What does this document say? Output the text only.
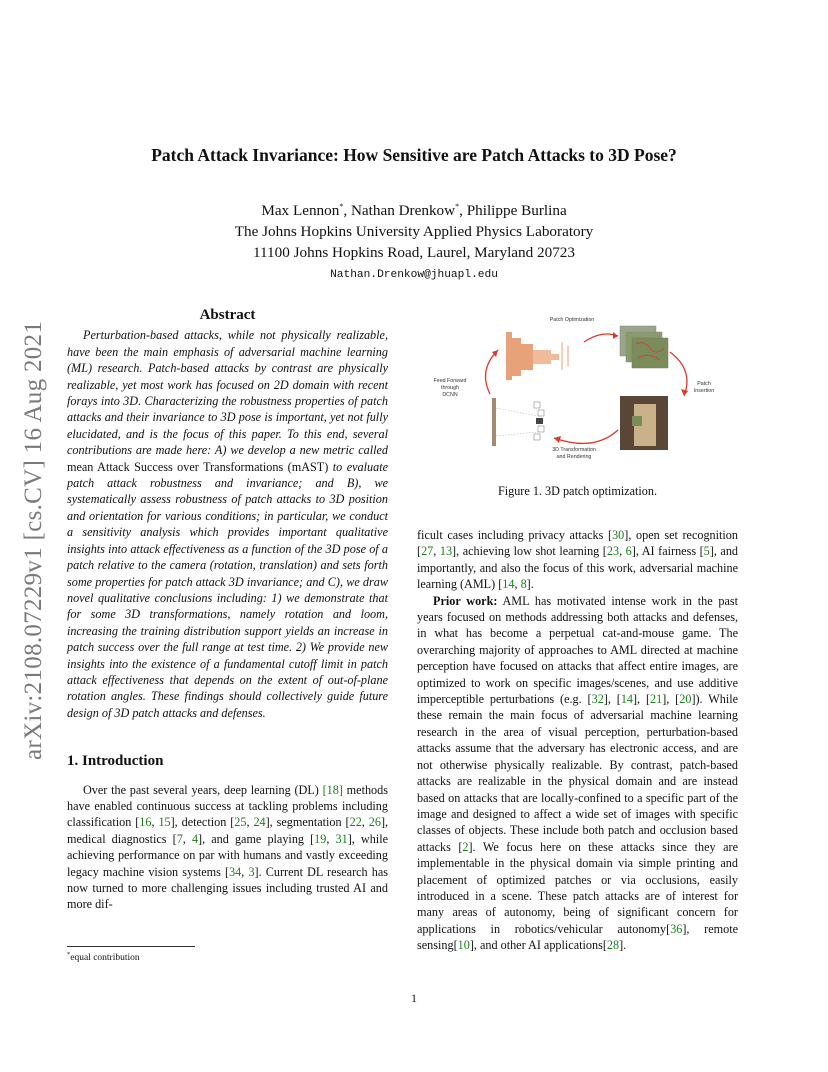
arXiv:2108.07229v1 [cs.CV] 16 Aug 2021
Patch Attack Invariance: How Sensitive are Patch Attacks to 3D Pose?
Max Lennon*, Nathan Drenkow*, Philippe Burlina
The Johns Hopkins University Applied Physics Laboratory
11100 Johns Hopkins Road, Laurel, Maryland 20723
Nathan.Drenkow@jhuapl.edu
Abstract

Perturbation-based attacks, while not physically realizable, have been the main emphasis of adversarial machine learning (ML) research. Patch-based attacks by contrast are physically realizable, yet most work has focused on 2D domain with recent forays into 3D. Characterizing the robustness properties of patch attacks and their invariance to 3D pose is important, yet not fully elucidated, and is the focus of this paper. To this end, several contributions are made here: A) we develop a new metric called mean Attack Success over Transformations (mAST) to evaluate patch attack robustness and invariance; and B), we systematically assess robustness of patch attacks to 3D position and orientation for various conditions; in particular, we conduct a sensitivity analysis which provides important qualitative insights into attack effectiveness as a function of the 3D pose of a patch relative to the camera (rotation, translation) and sets forth some properties for patch attack 3D invariance; and C), we draw novel qualitative conclusions including: 1) we demonstrate that for some 3D transformations, namely rotation and loom, increasing the training distribution support yields an increase in patch success over the full range at test time. 2) We provide new insights into the existence of a fundamental cutoff limit in patch attack effectiveness that depends on the extent of out-of-plane rotation angles. These findings should collectively guide future design of 3D patch attacks and defenses.

1. Introduction

Over the past several years, deep learning (DL) [18] methods have enabled continuous success at tackling problems including classification [16, 15], detection [25, 24], segmentation [22, 26], medical diagnostics [7, 4], and game playing [19, 31], while achieving performance on par with humans and vastly exceeding legacy machine vision systems [34, 3]. Current DL research has now turned to more challenging issues including trusted AI and more dif-

Patch Optimization
Patch
Insertion
3D Transformation
and Rendering
Feed Forward
through
DCNN
Figure 1. 3D patch optimization.

ficult cases including privacy attacks [30], open set recognition [27, 13], achieving low shot learning [23, 6], AI fairness [5], and importantly, and also the focus of this work, adversarial machine learning (AML) [14, 8].

Prior work: AML has motivated intense work in the past years focused on methods addressing both attacks and defenses, in what has become a perpetual cat-and-mouse game. The overarching majority of approaches to AML directed at machine perception have focused on attacks that affect entire images, are optimized to work on specific images/scenes, and use additive imperceptible perturbations (e.g. [32], [14], [21], [20]). While these remain the main focus of adversarial machine learning research in the area of visual perception, perturbation-based attacks assume that the adversary has electronic access, and are not otherwise physically realizable. By contrast, patch-based attacks are realizable in the physical domain and are instead based on attacks that are locally-confined to a specific part of the image and designed to affect a wide set of images with specific classes of objects. These include both patch and occlusion based attacks [2]. We focus here on these attacks since they are implementable in the physical domain via simple printing and placement of optimized patches or via occlusions, easily introduced in a scene. These patch attacks are of interest for many areas of autonomy, being of significant concern for applications in robotics/vehicular autonomy[36], remote sensing[10], and other AI applications[28].

*equal contribution
1
